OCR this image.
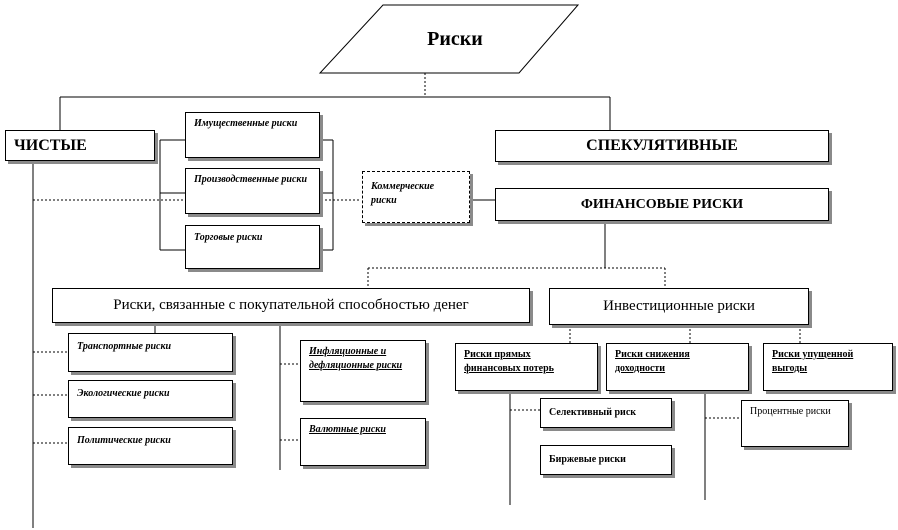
Риски
ЧИСТЫЕ	СПЕКУЛЯТИВНЫЕ
ФИНАНСОВЫЕ РИСКИ
Коммерческие риски
Имущественные риски
Производственные риски
Торговые риски
Риски, связанные с покупательной способностью денег	Инвестиционные риски
Транспортные риски
Экологические риски
Политические риски
Инфляционные и дефляционные риски
Валютные риски
Риски прямых финансовых потерь
Риски снижения доходности
Риски упущенной выгоды
Селективный риск
Биржевые риски
Процентные риски
